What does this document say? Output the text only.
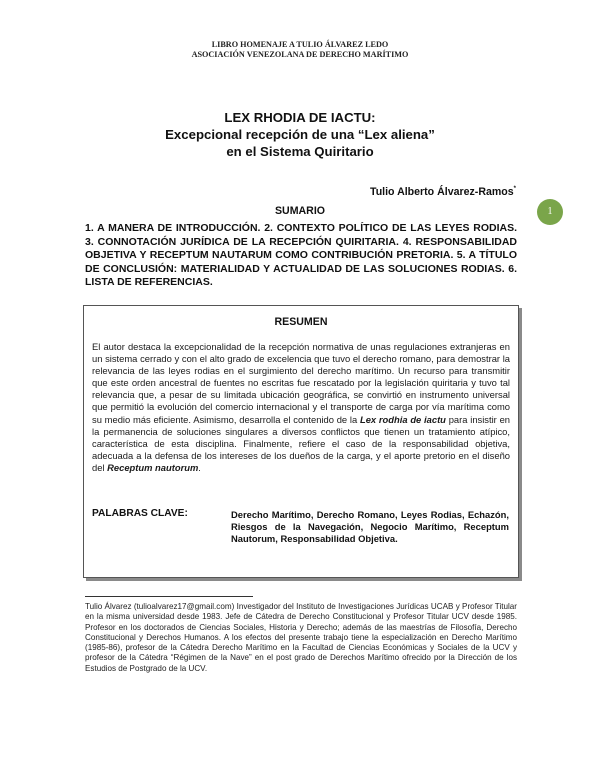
LIBRO HOMENAJE A TULIO ÁLVAREZ LEDO
ASOCIACIÓN VENEZOLANA DE DERECHO MARÍTIMO
LEX RHODIA DE IACTU:
Excepcional recepción de una “Lex aliena”
en el Sistema Quiritario
Tulio Alberto Álvarez-Ramos*
1
SUMARIO
1. A MANERA DE INTRODUCCIÓN. 2. CONTEXTO POLÍTICO DE LAS LEYES RODIAS. 3. CONNOTACIÓN JURÍDICA DE LA RECEPCIÓN QUIRITARIA. 4. RESPONSABILIDAD OBJETIVA Y RECEPTUM NAUTARUM COMO CONTRIBUCIÓN PRETORIA. 5. A TÍTULO DE CONCLUSIÓN: MATERIALIDAD Y ACTUALIDAD DE LAS SOLUCIONES RODIAS. 6. LISTA DE REFERENCIAS.
RESUMEN
El autor destaca la excepcionalidad de la recepción normativa de unas regulaciones extranjeras en un sistema cerrado y con el alto grado de excelencia que tuvo el derecho romano, para demostrar la relevancia de las leyes rodias en el surgimiento del derecho marítimo. Un recurso para transmitir que este orden ancestral de fuentes no escritas fue rescatado por la legislación quiritaria y tuvo tal relevancia que, a pesar de su limitada ubicación geográfica, se convirtió en instrumento universal que permitió la evolución del comercio internacional y el transporte de carga por vía marítima como su medio más eficiente. Asimismo, desarrolla el contenido de la Lex rodhia de iactu para insistir en la permanencia de soluciones singulares a diversos conflictos que tienen un tratamiento atípico, característica de esta disciplina. Finalmente, refiere el caso de la responsabilidad objetiva, adecuada a la defensa de los intereses de los dueños de la carga, y el aporte pretorio en el diseño del Receptum nautorum.
PALABRAS CLAVE:	Derecho Marítimo, Derecho Romano, Leyes Rodias, Echazón, Riesgos de la Navegación, Negocio Marítimo, Receptum Nautorum, Responsabilidad Objetiva.
Tulio Álvarez (tulioalvarez17@gmail.com) Investigador del Instituto de Investigaciones Jurídicas UCAB y Profesor Titular en la misma universidad desde 1983. Jefe de Cátedra de Derecho Constitucional y Profesor Titular UCV desde 1985. Profesor en los doctorados de Ciencias Sociales, Historia y Derecho; además de las maestrías de Filosofía, Derecho Constitucional y Derechos Humanos. A los efectos del presente trabajo tiene la especialización en Derecho Marítimo (1985-86), profesor de la Cátedra Derecho Marítimo en la Facultad de Ciencias Económicas y Sociales de la UCV y profesor de la Cátedra “Régimen de la Nave” en el post grado de Derechos Marítimo ofrecido por la Dirección de los Estudios de Postgrado de la UCV.
